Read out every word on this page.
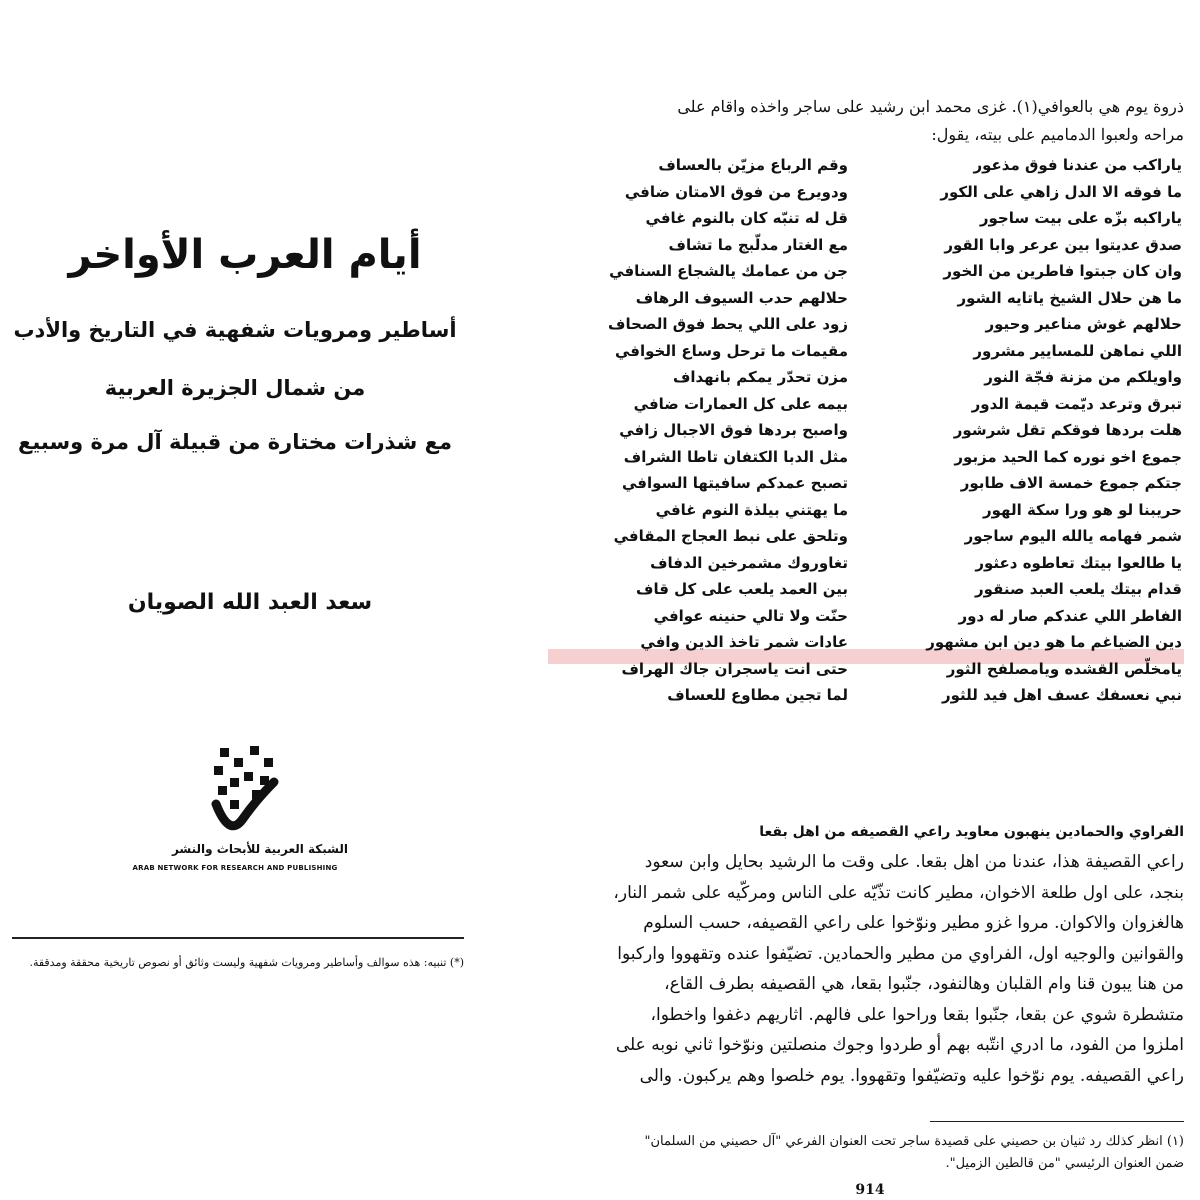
أيام العرب الأواخر
أساطير ومرويات شفهية في التاريخ والأدب
من شمال الجزيرة العربية
مع شذرات مختارة من قبيلة آل مرة وسبيع
سعد العبد الله الصويان
الشبكة العربية للأبحاث والنشر
ARAB NETWORK FOR RESEARCH AND PUBLISHING
(*) تنبيه: هذه سوالف وأساطير ومرويات شفهية وليست وثائق أو نصوص تاريخية محققة ومدققة.
ذروة يوم هي بالعوافي(١). غزى محمد ابن رشيد على ساجر واخذه واقام على
مراحه ولعبوا الدماميم على بيته، يقول:
ياراكب من عندنا فوق مذعور
وقم الرباع مزيّن بالعساف
ما فوقه الا الدل زاهي على الكور
ودويرع من فوق الامتان ضافي
ياراكبه بزّه على بيت ساجور
قل له تنبّه كان بالنوم غافي
صدق عديتوا بين عرعر وابا القور
مع الغتار مدلّبج ما تشاف
وان كان جبتوا فاطرين من الخور
جن من عمامك يالشجاع السنافي
ما هن حلال الشيخ ياتايه الشور
حلالهم حدب السيوف الرهاف
حلالهم غوش مناعير وحيور
زود على اللي يحط فوق الصحاف
اللي نماهن للمسايير مشرور
مقيمات ما ترحل وساع الخوافي
واويلكم من مزنة فجّة النور
مزن تحدّر يمكم بانهداف
تبرق وترعد ديّمت قيمة الدور
بيمه على كل العمارات ضافي
هلت بردها فوقكم تقل شرشور
واصبح بردها فوق الاجبال زافي
جموع اخو نوره كما الحيد مزبور
مثل الدبا الكتفان تاطا الشراف
جتكم جموع خمسة الاف طابور
تصبح عمدكم سافيتها السوافي
حريبنا لو هو ورا سكة الهور
ما يهتني بيلذة النوم غافي
شمر فهامه يالله اليوم ساجور
وتلحق على نبط العجاج المقافي
يا طالعوا بيتك تعاطوه دعثور
تغاوروك مشمرخين الدفاف
قدام بيتك يلعب العبد صنقور
بين العمد يلعب على كل قاف
الفاطر اللي عندكم صار له دور
حنّت ولا تالي حنينه عوافي
دين الضياغم ما هو دين ابن مشهور
عادات شمر تاخذ الدين وافي
يامخلّص القشده ويامصلفح الثور
حتى انت ياسجران جاك الهراف
نبي نعسفك عسف اهل فيد للثور
لما تجين مطاوع للعساف
الفراوي والحمادين ينهبون معاويد راعي القصيفه من اهل بقعا
راعي القصيفة هذا، عندنا من اهل بقعا. على وقت ما الرشيد بحايل وابن سعود
بنجد، على اول طلعة الاخوان، مطير كانت تذّيّه على الناس ومركّيه على شمر النار،
هالغزوان والاكوان. مروا غزو مطير ونوّخوا على راعي القصيفه، حسب السلوم
والقوانين والوجيه اول، الفراوي من مطير والحمادين. تضيّفوا عنده وتقهووا واركبوا
من هنا يبون قنا وام القلبان وهالنفود، جنّبوا بقعا، هي القصيفه بطرف القاع،
متشطرة شوي عن بقعا، جنّبوا بقعا وراحوا على فالهم. اثاريهم دغفوا واخطوا،
املزوا من الفود، ما ادري انتّبه بهم أو طردوا وجوك منصلتين ونوّخوا ثاني نوبه على
راعي القصيفه. يوم نوّخوا عليه وتضيّفوا وتقهووا. يوم خلصوا وهم يركبون. والى
(١) انظر كذلك رد ثنيان بن حصيني على قصيدة ساجر تحت العنوان الفرعي "آل حصيني من السلمان"
ضمن العنوان الرئيسي "من قالطين الزميل".
914
